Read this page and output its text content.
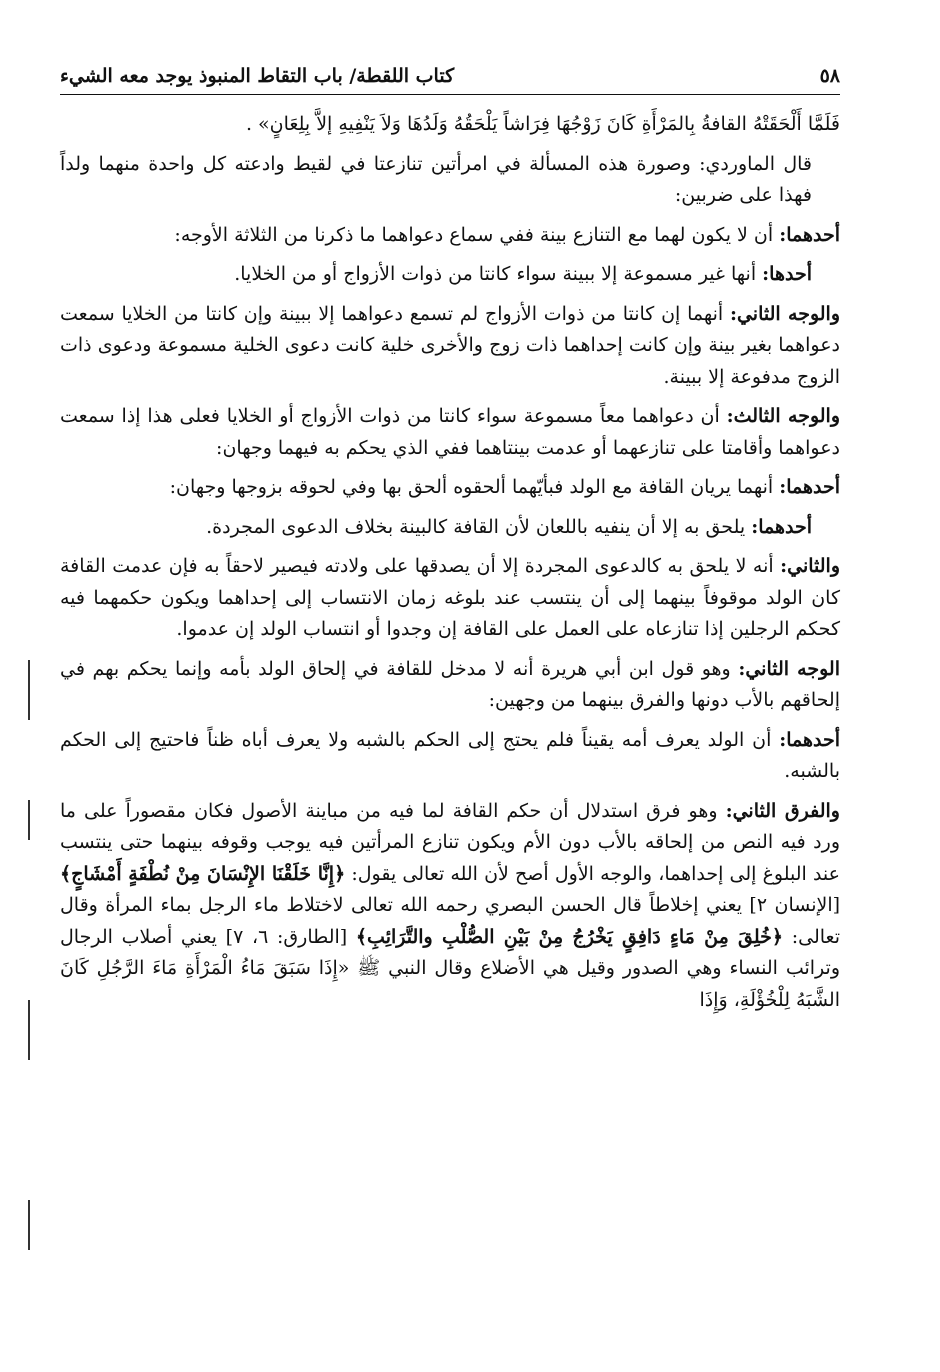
٥٨
كتاب اللقطة/ باب التقاط المنبوذ يوجد معه الشيء

فَلَمَّا أَلْحَقَتْهُ القافةُ بِالمَرْأَةِ كَانَ زَوْجُهَا فِرَاشاً يَلْحَقُهُ وَلَدُهَا وَلاَ يَنْفِيهِ إلاَّ بِلِعَانٍ» .

قال الماوردي: وصورة هذه المسألة في امرأتين تنازعتا في لقيط وادعته كل واحدة منهما ولداً فهذا على ضربين:

أحدهما: أن لا يكون لهما مع التنازع بينة ففي سماع دعواهما ما ذكرنا من الثلاثة الأوجه:

أحدها: أنها غير مسموعة إلا ببينة سواء كانتا من ذوات الأزواج أو من الخلايا.

والوجه الثاني: أنهما إن كانتا من ذوات الأزواج لم تسمع دعواهما إلا ببينة وإن كانتا من الخلايا سمعت دعواهما بغير بينة وإن كانت إحداهما ذات زوج والأخرى خلية كانت دعوى الخلية مسموعة ودعوى ذات الزوج مدفوعة إلا ببينة.

والوجه الثالث: أن دعواهما معاً مسموعة سواء كانتا من ذوات الأزواج أو الخلايا فعلى هذا إذا سمعت دعواهما وأقامتا على تنازعهما أو عدمت بينتاهما ففي الذي يحكم به فيهما وجهان:

أحدهما: أنهما يريان القافة مع الولد فبأيّهما ألحقوه ألحق بها وفي لحوقه بزوجها وجهان:

أحدهما: يلحق به إلا أن ينفيه باللعان لأن القافة كالبينة بخلاف الدعوى المجردة.

والثاني: أنه لا يلحق به كالدعوى المجردة إلا أن يصدقها على ولادته فيصير لاحقاً به فإن عدمت القافة كان الولد موقوفاً بينهما إلى أن ينتسب عند بلوغه زمان الانتساب إلى إحداهما ويكون حكمهما فيه كحكم الرجلين إذا تنازعاه على العمل على القافة إن وجدوا أو انتساب الولد إن عدموا.

الوجه الثاني: وهو قول ابن أبي هريرة أنه لا مدخل للقافة في إلحاق الولد بأمه وإنما يحكم بهم في إلحاقهم بالأب دونها والفرق بينهما من وجهين:

أحدهما: أن الولد يعرف أمه يقيناً فلم يحتج إلى الحكم بالشبه ولا يعرف أباه ظناً فاحتيج إلى الحكم بالشبه.

والفرق الثاني: وهو فرق استدلال أن حكم القافة لما فيه من مباينة الأصول فكان مقصوراً على ما ورد فيه النص من إلحاقه بالأب دون الأم ويكون تنازع المرأتين فيه يوجب وقوفه بينهما حتى ينتسب عند البلوغ إلى إحداهما، والوجه الأول أصح لأن الله تعالى يقول: ﴿إِنَّا خَلَقْنَا الإِنْسَانَ مِنْ نُطْفَةٍ أَمْشَاجٍ﴾ [الإنسان ٢] يعني إخلاطاً قال الحسن البصري رحمه الله تعالى لاختلاط ماء الرجل بماء المرأة وقال تعالى: ﴿خُلِقَ مِنْ مَاءٍ دَافِقٍ يَخْرُجُ مِنْ بَيْنِ الصُّلْبِ والتَّرَائِبِ﴾ [الطارق: ٦، ٧] يعني أصلاب الرجال وترائب النساء وهي الصدور وقيل هي الأضلاع وقال النبي ﷺ «إِذَا سَبَقَ مَاءُ الْمَرْأَةِ مَاءَ الرَّجُلِ كَانَ الشَّبَهُ لِلْخُؤْلَةِ، وَإِذَا
